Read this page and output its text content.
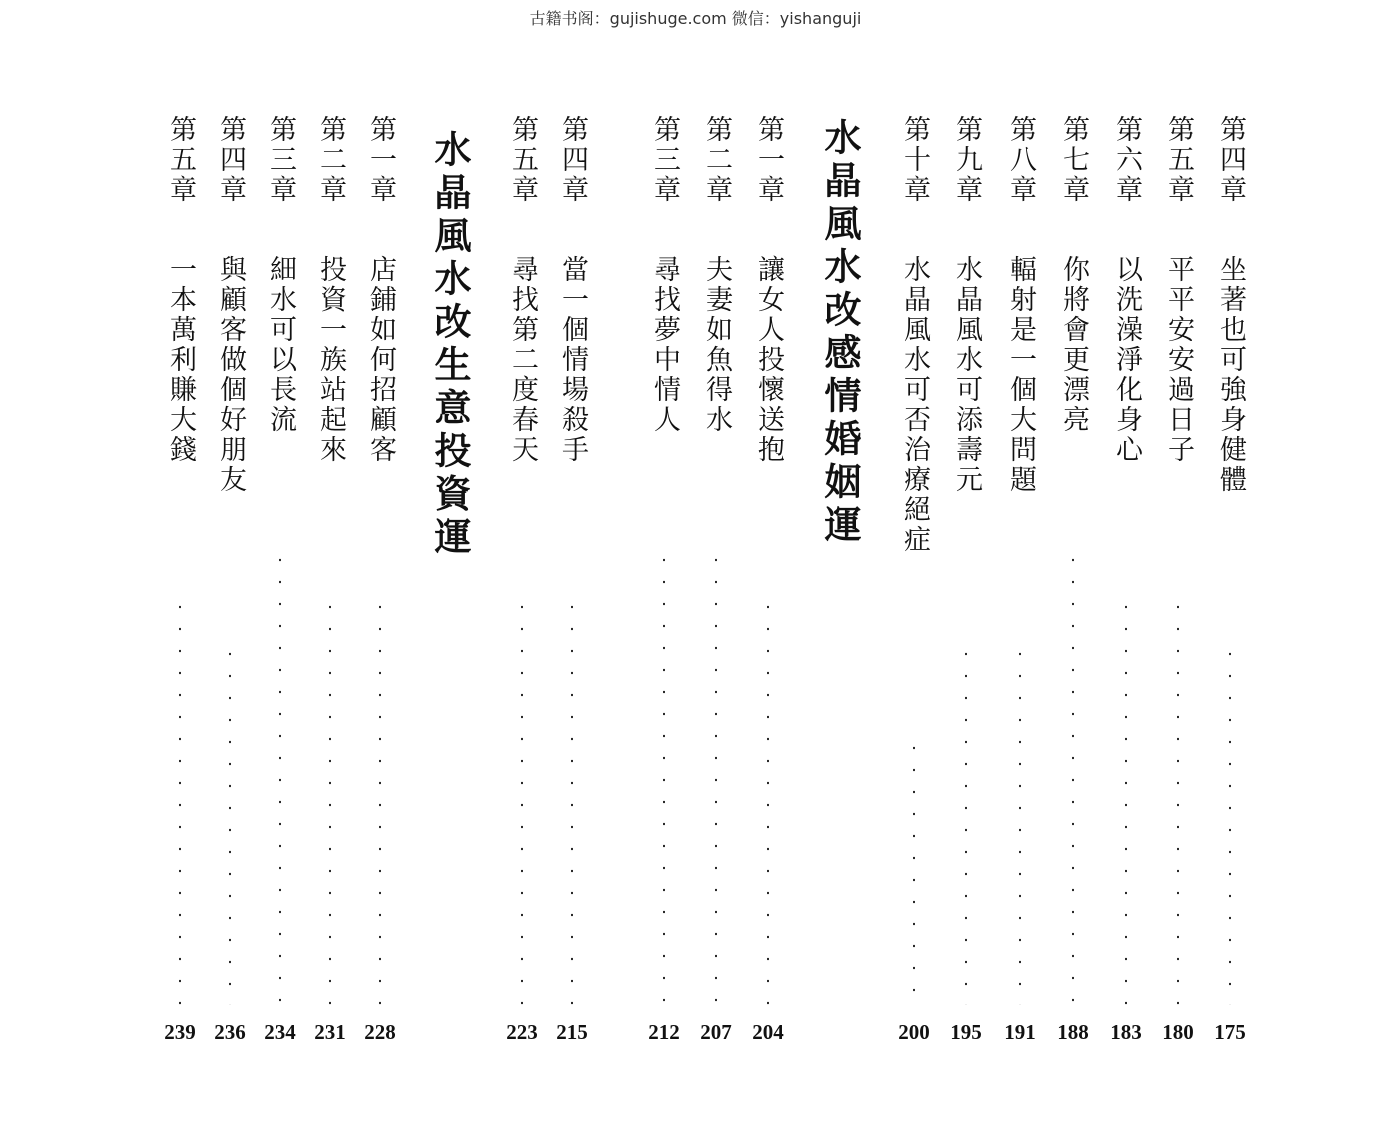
古籍书阁：gujishuge.com 微信：yishanguji
第四章
坐著也可強身健體
175
第五章
平平安安過日子
180
第六章
以洗澡淨化身心
183
第七章
你將會更漂亮
188
第八章
輻射是一個大問題
191
第九章
水晶風水可添壽元
195
第十章
水晶風水可否治療絕症
200
水晶風水改感情婚姻運
第一章
讓女人投懷送抱
204
第二章
夫妻如魚得水
207
第三章
尋找夢中情人
212
第四章
當一個情場殺手
215
第五章
尋找第二度春天
223
水晶風水改生意投資運
第一章
店鋪如何招顧客
228
第二章
投資一族站起來
231
第三章
細水可以長流
234
第四章
與顧客做個好朋友
236
第五章
一本萬利賺大錢
239
